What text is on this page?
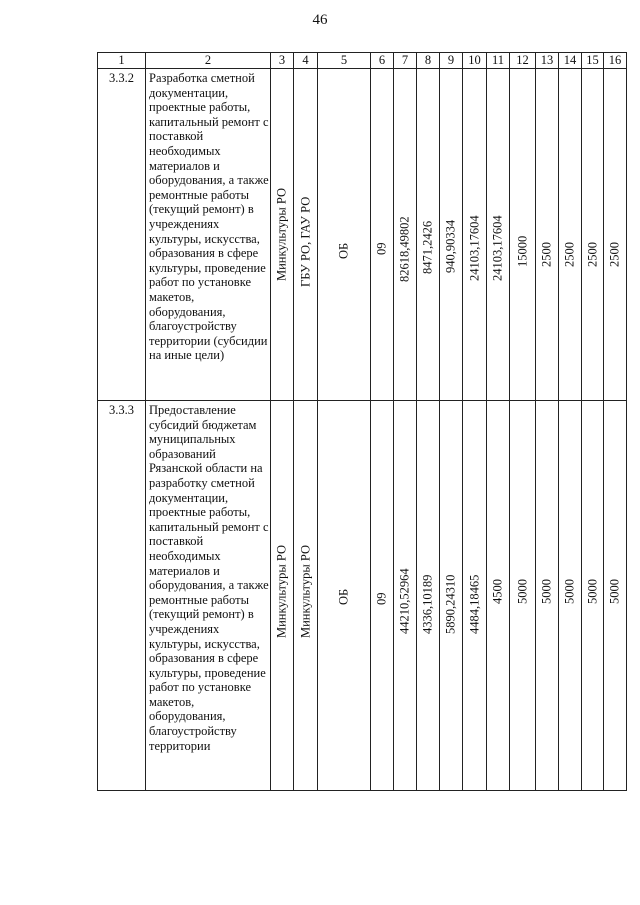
46
1	2	3	4	5	6	7	8	9	10	11	12	13	14	15	16
3.3.2	Разработка сметной документации, проектные работы, капитальный ремонт с поставкой необходимых материалов и оборудования, а также ремонтные работы (текущий ремонт) в учреждениях культуры, искусства, образования в сфере культуры, проведение работ по установке макетов, оборудования, благоустройству территории (субсидии на иные цели)	Минкультуры РО	ГБУ РО, ГАУ РО	ОБ	09	82618,49802	8471,2426	940,90334	24103,17604	24103,17604	15000	2500	2500	2500	2500

3.3.3	Предоставление субсидий бюджетам муниципальных образований Рязанской области на разработку сметной документации, проектные работы, капитальный ремонт с поставкой необходимых материалов и оборудования, а также ремонтные работы (текущий ремонт) в учреждениях культуры, искусства, образования в сфере культуры, проведение работ по установке макетов, оборудования, благоустройству территории	Минкультуры РО	Минкультуры РО	ОБ	09	44210,52964	4336,10189	5890,24310	4484,18465	4500	5000	5000	5000	5000	5000
